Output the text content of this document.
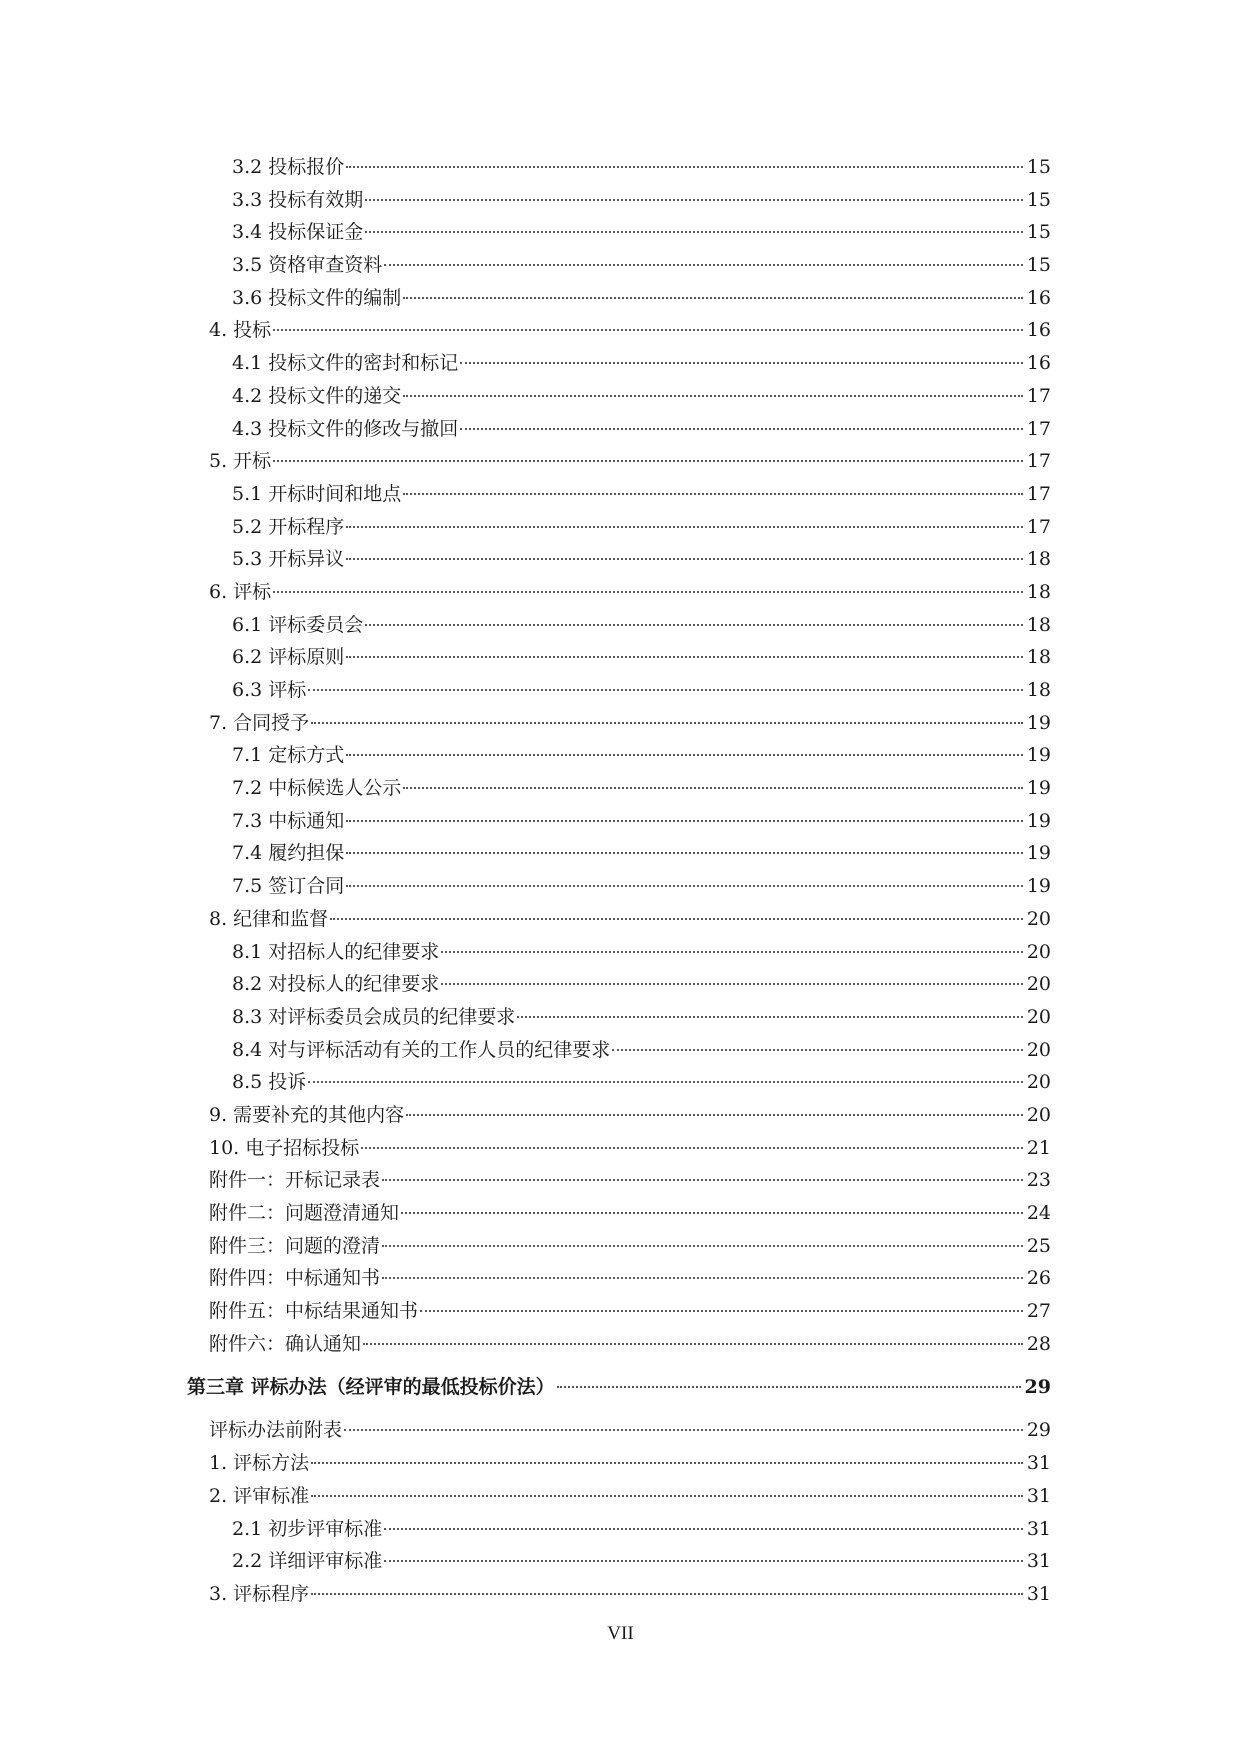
3.2 投标报价	15
3.3 投标有效期	15
3.4 投标保证金	15
3.5 资格审查资料	15
3.6 投标文件的编制	16
4. 投标	16
4.1 投标文件的密封和标记	16
4.2 投标文件的递交	17
4.3 投标文件的修改与撤回	17
5. 开标	17
5.1 开标时间和地点	17
5.2 开标程序	17
5.3 开标异议	18
6. 评标	18
6.1 评标委员会	18
6.2 评标原则	18
6.3 评标	18
7. 合同授予	19
7.1 定标方式	19
7.2 中标候选人公示	19
7.3 中标通知	19
7.4 履约担保	19
7.5 签订合同	19
8. 纪律和监督	20
8.1 对招标人的纪律要求	20
8.2 对投标人的纪律要求	20
8.3 对评标委员会成员的纪律要求	20
8.4 对与评标活动有关的工作人员的纪律要求	20
8.5 投诉	20
9. 需要补充的其他内容	20
10. 电子招标投标	21
附件一：开标记录表	23
附件二：问题澄清通知	24
附件三：问题的澄清	25
附件四：中标通知书	26
附件五：中标结果通知书	27
附件六：确认通知	28
第三章 评标办法（经评审的最低投标价法）	29
评标办法前附表	29
1. 评标方法	31
2. 评审标准	31
2.1 初步评审标准	31
2.2 详细评审标准	31
3. 评标程序	31
VII
